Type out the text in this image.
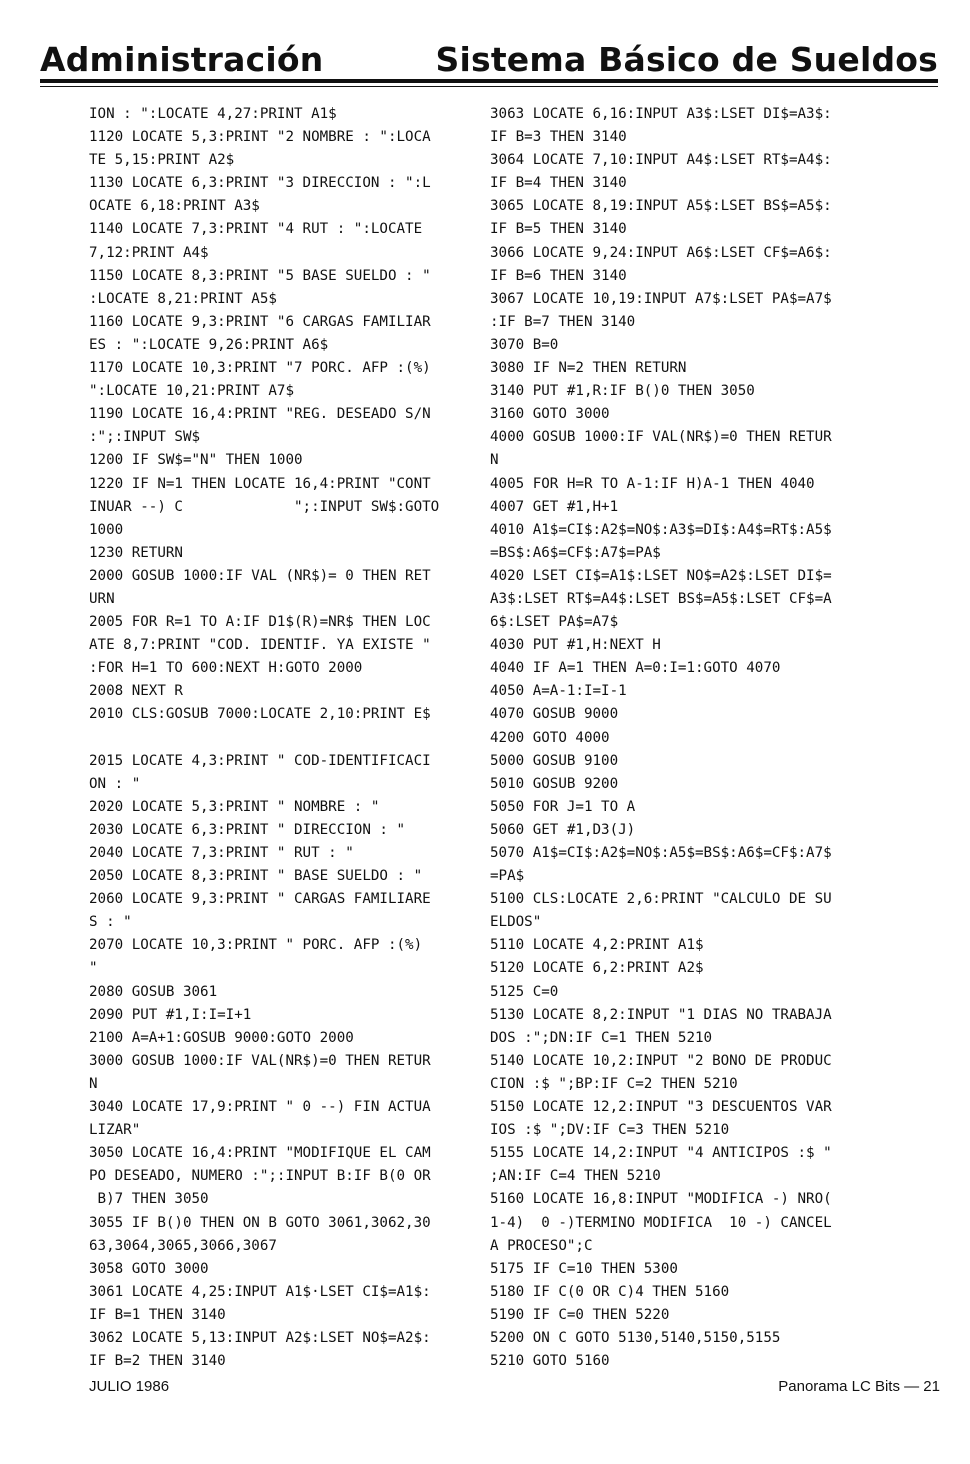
Administración	Sistema Básico de Sueldos
ION : ":LOCATE 4,27:PRINT A1$
1120 LOCATE 5,3:PRINT "2 NOMBRE : ":LOCA
TE 5,15:PRINT A2$
1130 LOCATE 6,3:PRINT "3 DIRECCION : ":L
OCATE 6,18:PRINT A3$
1140 LOCATE 7,3:PRINT "4 RUT : ":LOCATE
7,12:PRINT A4$
1150 LOCATE 8,3:PRINT "5 BASE SUELDO : "
:LOCATE 8,21:PRINT A5$
1160 LOCATE 9,3:PRINT "6 CARGAS FAMILIAR
ES : ":LOCATE 9,26:PRINT A6$
1170 LOCATE 10,3:PRINT "7 PORC. AFP :(%)
":LOCATE 10,21:PRINT A7$
1190 LOCATE 16,4:PRINT "REG. DESEADO S/N
:";:INPUT SW$
1200 IF SW$="N" THEN 1000
1220 IF N=1 THEN LOCATE 16,4:PRINT "CONT
INUAR --) C             ";:INPUT SW$:GOTO
1000
1230 RETURN
2000 GOSUB 1000:IF VAL (NR$)= 0 THEN RET
URN
2005 FOR R=1 TO A:IF D1$(R)=NR$ THEN LOC
ATE 8,7:PRINT "COD. IDENTIF. YA EXISTE "
:FOR H=1 TO 600:NEXT H:GOTO 2000
2008 NEXT R
2010 CLS:GOSUB 7000:LOCATE 2,10:PRINT E$
2015 LOCATE 4,3:PRINT " COD-IDENTIFICACI
ON : "
2020 LOCATE 5,3:PRINT " NOMBRE : "
2030 LOCATE 6,3:PRINT " DIRECCION : "
2040 LOCATE 7,3:PRINT " RUT : "
2050 LOCATE 8,3:PRINT " BASE SUELDO : "
2060 LOCATE 9,3:PRINT " CARGAS FAMILIARE
S : "
2070 LOCATE 10,3:PRINT " PORC. AFP :(%)
"
2080 GOSUB 3061
2090 PUT #1,I:I=I+1
2100 A=A+1:GOSUB 9000:GOTO 2000
3000 GOSUB 1000:IF VAL(NR$)=0 THEN RETUR
N
3040 LOCATE 17,9:PRINT " 0 --) FIN ACTUA
LIZAR"
3050 LOCATE 16,4:PRINT "MODIFIQUE EL CAM
PO DESEADO, NUMERO :";:INPUT B:IF B(0 OR
B)7 THEN 3050
3055 IF B()0 THEN ON B GOTO 3061,3062,30
63,3064,3065,3066,3067
3058 GOTO 3000
3061 LOCATE 4,25:INPUT A1$·LSET CI$=A1$:
IF B=1 THEN 3140
3062 LOCATE 5,13:INPUT A2$:LSET NO$=A2$:
IF B=2 THEN 3140
3063 LOCATE 6,16:INPUT A3$:LSET DI$=A3$:
IF B=3 THEN 3140
3064 LOCATE 7,10:INPUT A4$:LSET RT$=A4$:
IF B=4 THEN 3140
3065 LOCATE 8,19:INPUT A5$:LSET BS$=A5$:
IF B=5 THEN 3140
3066 LOCATE 9,24:INPUT A6$:LSET CF$=A6$:
IF B=6 THEN 3140
3067 LOCATE 10,19:INPUT A7$:LSET PA$=A7$
:IF B=7 THEN 3140
3070 B=0
3080 IF N=2 THEN RETURN
3140 PUT #1,R:IF B()0 THEN 3050
3160 GOTO 3000
4000 GOSUB 1000:IF VAL(NR$)=0 THEN RETUR
N
4005 FOR H=R TO A-1:IF H)A-1 THEN 4040
4007 GET #1,H+1
4010 A1$=CI$:A2$=NO$:A3$=DI$:A4$=RT$:A5$
=BS$:A6$=CF$:A7$=PA$
4020 LSET CI$=A1$:LSET NO$=A2$:LSET DI$=
A3$:LSET RT$=A4$:LSET BS$=A5$:LSET CF$=A
6$:LSET PA$=A7$
4030 PUT #1,H:NEXT H
4040 IF A=1 THEN A=0:I=1:GOTO 4070
4050 A=A-1:I=I-1
4070 GOSUB 9000
4200 GOTO 4000
5000 GOSUB 9100
5010 GOSUB 9200
5050 FOR J=1 TO A
5060 GET #1,D3(J)
5070 A1$=CI$:A2$=NO$:A5$=BS$:A6$=CF$:A7$
=PA$
5100 CLS:LOCATE 2,6:PRINT "CALCULO DE SU
ELDOS"
5110 LOCATE 4,2:PRINT A1$
5120 LOCATE 6,2:PRINT A2$
5125 C=0
5130 LOCATE 8,2:INPUT "1 DIAS NO TRABAJA
DOS :";DN:IF C=1 THEN 5210
5140 LOCATE 10,2:INPUT "2 BONO DE PRODUC
CION :$ ";BP:IF C=2 THEN 5210
5150 LOCATE 12,2:INPUT "3 DESCUENTOS VAR
IOS :$ ";DV:IF C=3 THEN 5210
5155 LOCATE 14,2:INPUT "4 ANTICIPOS :$ "
;AN:IF C=4 THEN 5210
5160 LOCATE 16,8:INPUT "MODIFICA -) NRO(
1-4)  0 -)TERMINO MODIFICA  10 -) CANCEL
A PROCESO";C
5175 IF C=10 THEN 5300
5180 IF C(0 OR C)4 THEN 5160
5190 IF C=0 THEN 5220
5200 ON C GOTO 5130,5140,5150,5155
5210 GOTO 5160
JULIO 1986	Panorama LC Bits — 21
